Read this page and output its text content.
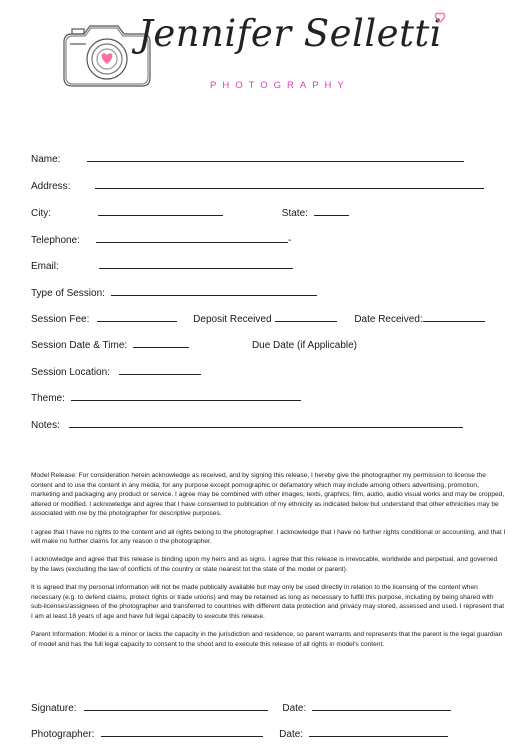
Jennifer Selletti
PHOTOGRAPHY
Name:
Address:
City:	State:
Telephone:	-
Email:
Type of Session:
Session Fee:	Deposit Received	Date Received:
Session Date & Time:	Due Date (if Applicable)
Session Location:
Theme:
Notes:

Model Release: For consideration herein acknowledge as received, and by signing this release, I hereby give the photographer my permission to license the content and to use the content in any media, for any purpose except pornographic or defamatory which may include among others advertising, promotion, marketing and packaging any product or service. I agree may be combined with other images, texts, graphics, film, audio, audio visual works and may be cropped, altered or modified. I acknowledge and agree that I have consented to publication of my ethnicity as indicated below but understand that other ethnicities may be associated with me by the photographer for descriptive purposes.

I agree that I have no rights to the content and all rights belong to the photographer. I acknowledge that I have no further rights conditional or accounting, and that I will make no further claims for any reason o the photographer.

I acknowledge and agree that this release is binding upon my heirs and as signs. I agree that this release is irrevocable, worldwide and perpetual, and governed by the laws (excluding the law of conflicts of the country or state nearest tot the state of the model or parent).

It is agreed that my personal information will not be made publically available but may only be used directly in relation to the licensing of the content when necessary (e.g. to defend claims, protect rights or trade unions) and may be retained as long as necessary to fulfill this purpose, including by being shared with sub-licenses/assignees of the photographer and transferred to countries with different data protection and privacy may stored, assessed and used. I represent that I am at least 18 years of age and have full legal capacity to execute this release.

Parent Information: Model is a minor or lacks the capacity in the jurisdiction and residence, so parent warrants and represents that the parent is the legal guardian of model and has the full legal capacity to consent to the shoot and to execute this release of all rights in model's content.

Signature:	Date:
Photographer:	Date:
